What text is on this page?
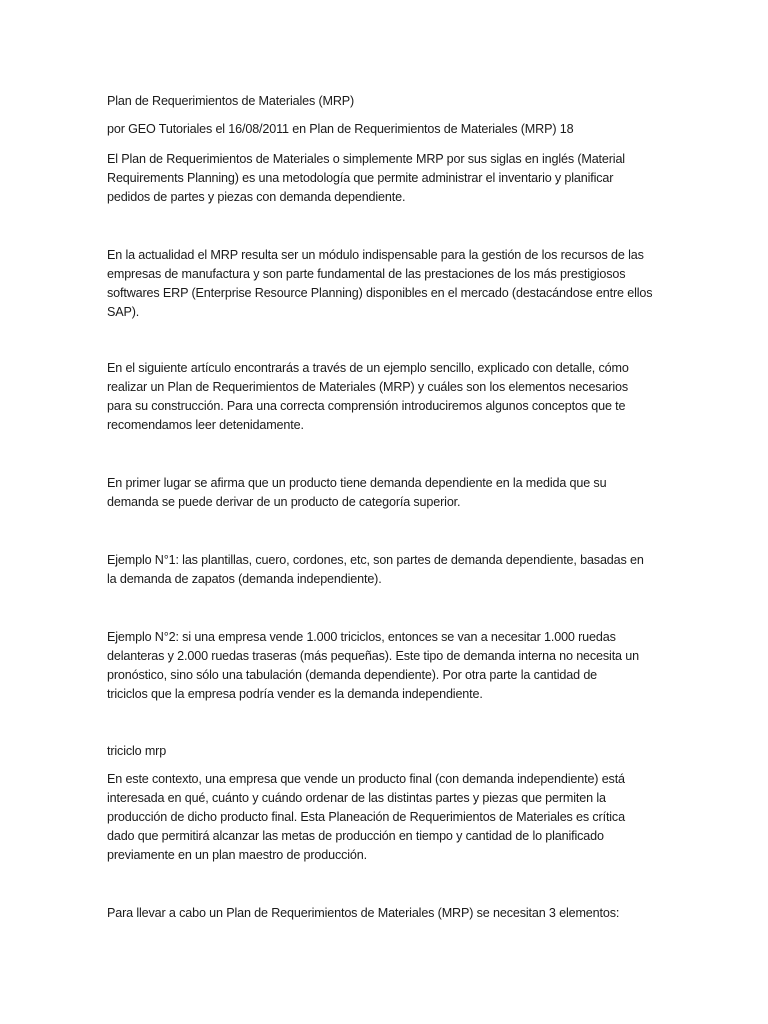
Plan de Requerimientos de Materiales (MRP)
por GEO Tutoriales el 16/08/2011 en Plan de Requerimientos de Materiales (MRP) 18
El Plan de Requerimientos de Materiales o simplemente MRP por sus siglas en inglés (Material
Requirements Planning) es una metodología que permite administrar el inventario y planificar
pedidos de partes y piezas con demanda dependiente.
En la actualidad el MRP resulta ser un módulo indispensable para la gestión de los recursos de las
empresas de manufactura y son parte fundamental de las prestaciones de los más prestigiosos
softwares ERP (Enterprise Resource Planning) disponibles en el mercado (destacándose entre ellos
SAP).
En el siguiente artículo encontrarás a través de un ejemplo sencillo, explicado con detalle, cómo
realizar un Plan de Requerimientos de Materiales (MRP) y cuáles son los elementos necesarios
para su construcción. Para una correcta comprensión introduciremos algunos conceptos que te
recomendamos leer detenidamente.
En primer lugar se afirma que un producto tiene demanda dependiente en la medida que su
demanda se puede derivar de un producto de categoría superior.
Ejemplo N°1: las plantillas, cuero, cordones, etc, son partes de demanda dependiente, basadas en
la demanda de zapatos (demanda independiente).
Ejemplo N°2: si una empresa vende 1.000 triciclos, entonces se van a necesitar 1.000 ruedas
delanteras y 2.000 ruedas traseras (más pequeñas). Este tipo de demanda interna no necesita un
pronóstico, sino sólo una tabulación (demanda dependiente). Por otra parte la cantidad de
triciclos que la empresa podría vender es la demanda independiente.
triciclo mrp
En este contexto, una empresa que vende un producto final (con demanda independiente) está
interesada en qué, cuánto y cuándo ordenar de las distintas partes y piezas que permiten la
producción de dicho producto final. Esta Planeación de Requerimientos de Materiales es crítica
dado que permitirá alcanzar las metas de producción en tiempo y cantidad de lo planificado
previamente en un plan maestro de producción.
Para llevar a cabo un Plan de Requerimientos de Materiales (MRP) se necesitan 3 elementos:
